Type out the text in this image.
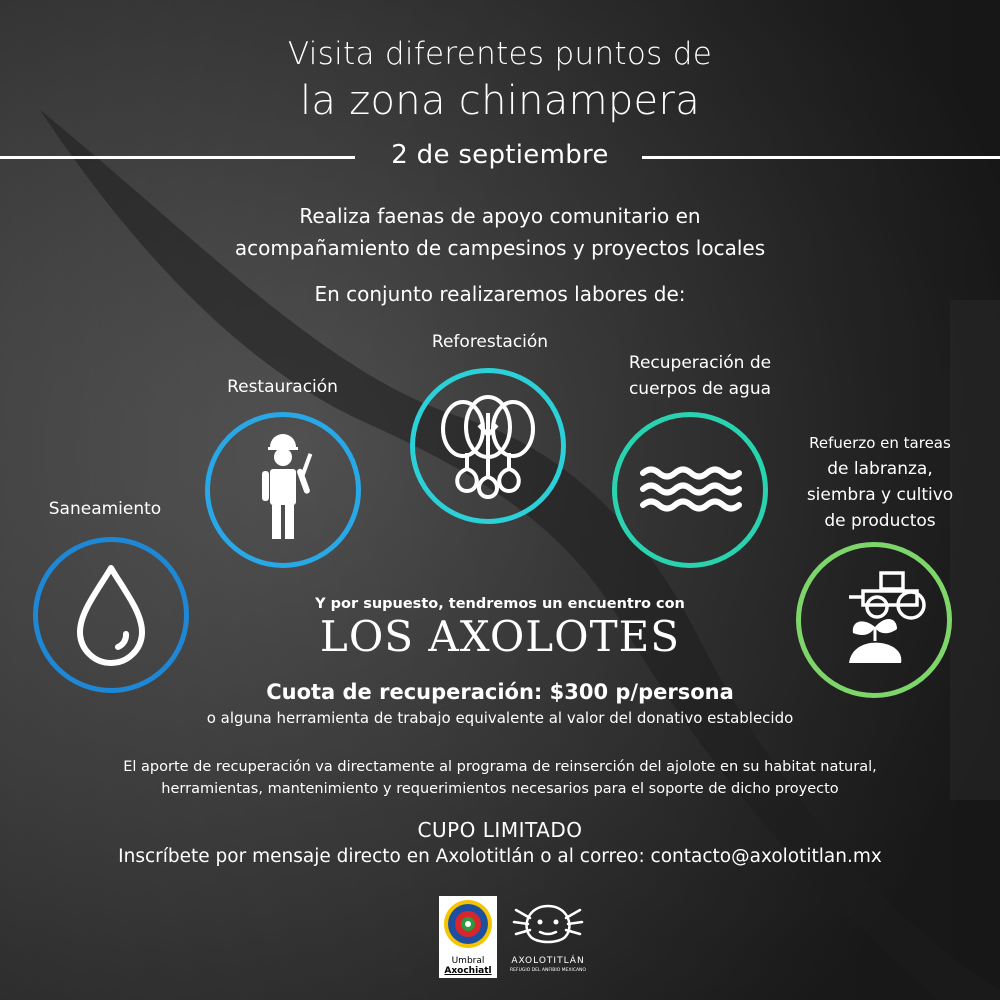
Visita diferentes puntos de
la zona chinampera
2 de septiembre
Realiza faenas de apoyo comunitario en
acompañamiento de campesinos y proyectos locales
En conjunto realizaremos labores de:
Saneamiento
Restauración
Reforestación
Recuperación de
cuerpos de agua
Refuerzo en tareas
de labranza,
siembra y cultivo
de productos
Y por supuesto, tendremos un encuentro con
LOS AXOLOTES
Cuota de recuperación: $300 p/persona
o alguna herramienta de trabajo equivalente al valor del donativo establecido
El aporte de recuperación va directamente al programa de reinserción del ajolote en su habitat natural,
herramientas, mantenimiento y requerimientos necesarios para el soporte de dicho proyecto
CUPO LIMITADO
Inscríbete por mensaje directo en Axolotitlán o al correo: contacto@axolotitlan.mx
Umbral
Axochiatl
AXOLOTITLÁN
REFUGIO DEL ANFIBIO MEXICANO
